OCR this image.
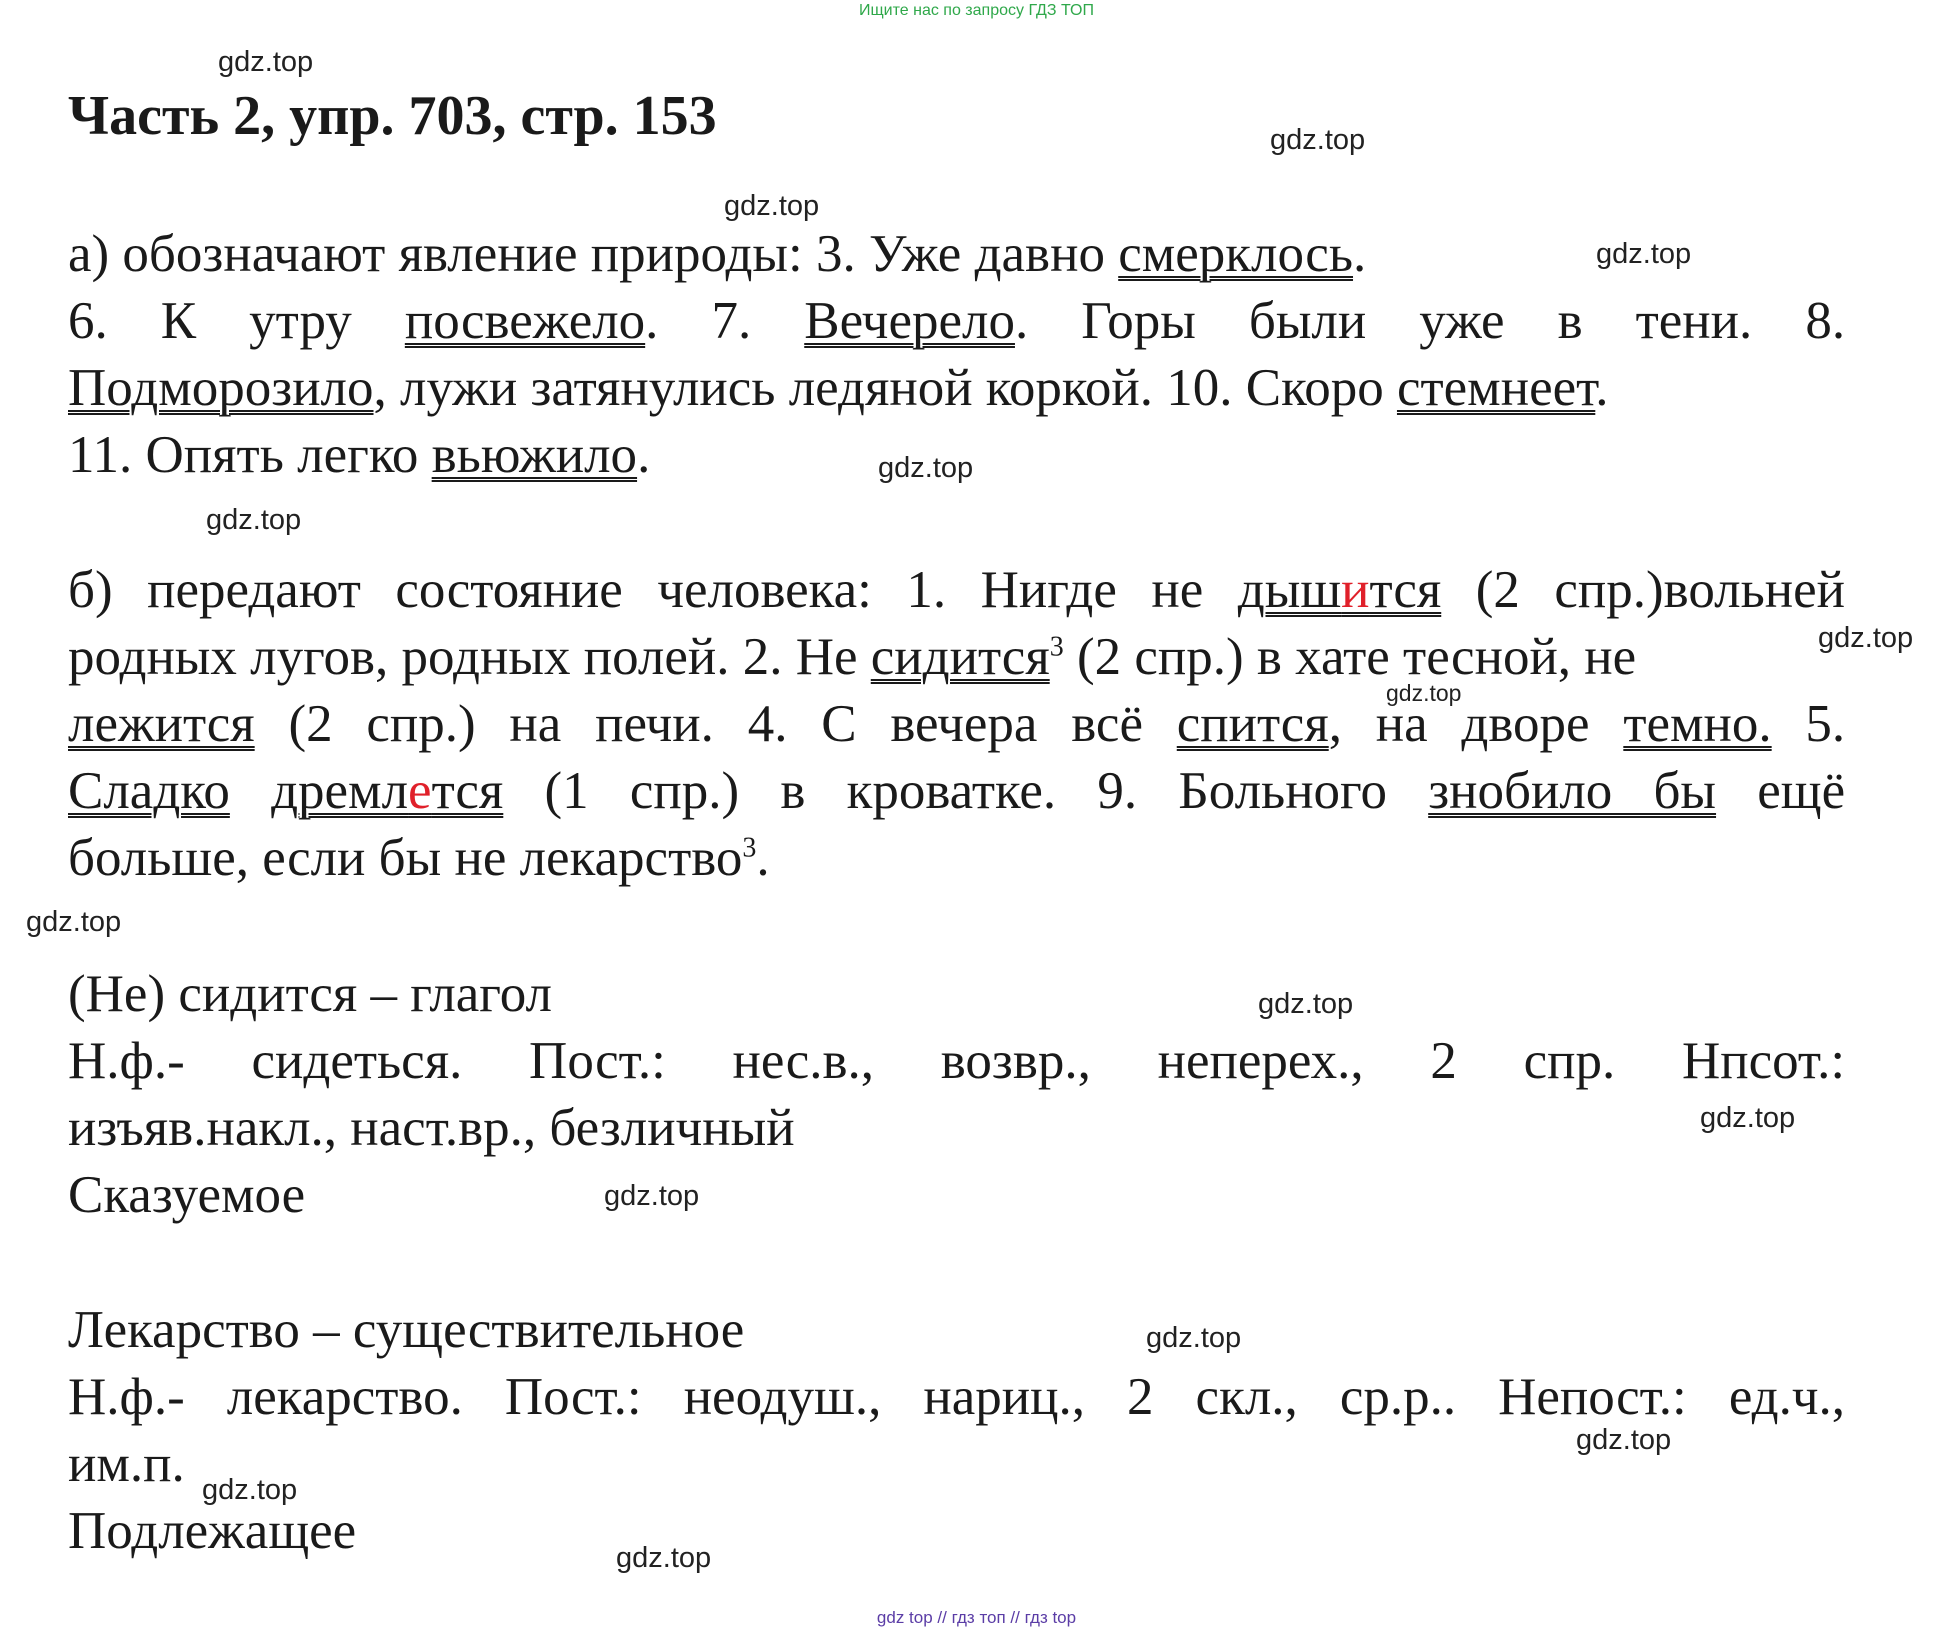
Ищите нас по запросу ГДЗ ТОП
gdz.top
gdz.top
gdz.top
gdz.top
gdz.top
gdz.top
gdz.top
gdz.top
gdz.top
gdz.top
gdz.top
gdz.top
gdz.top
gdz.top
gdz.top
gdz.top
Часть 2, упр. 703, стр. 153
а) обозначают явление природы: 3. Уже давно смерклось.
6. К утру посвежело. 7. Вечерело. Горы были уже в тени. 8.
Подморозило, лужи затянулись ледяной коркой. 10. Скоро стемнеет.
11. Опять легко вьюжило.
б) передают состояние человека: 1. Нигде не дышится (2 спр.)вольней
родных лугов, родных полей. 2. Не сидится$^3$ (2 спр.) в хате тесной, не
лежится (2 спр.) на печи. 4. С вечера всё спится, на дворе темно. 5.
Сладко дремлется (1 спр.) в кроватке. 9. Больного знобило бы ещё
больше, если бы не лекарство$^3$.
(Не) сидится – глагол
Н.ф.- сидеться. Пост.: нес.в., возвр., неперех., 2 спр. Нпсот.:
изъяв.накл., наст.вр., безличный
Сказуемое
Лекарство – существительное
Н.ф.- лекарство. Пост.: неодуш., нариц., 2 скл., ср.р.. Непост.: ед.ч.,
им.п.
Подлежащее
gdz top // гдз топ // гдз top
